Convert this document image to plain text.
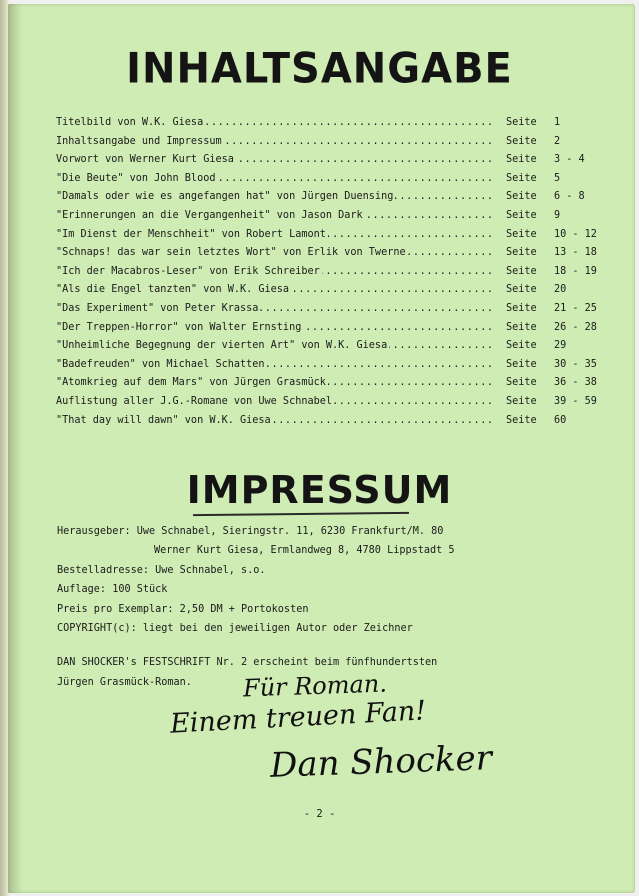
INHALTSANGABE
.....
Titelbild von W.K. Giesa	Seite 1
.....
Inhaltsangabe und Impressum	Seite 2
.....
Vorwort von Werner Kurt Giesa	Seite 3 - 4
.....
"Die Beute" von John Blood	Seite 5
.....
"Damals oder wie es angefangen hat" von Jürgen Duensing	Seite 6 - 8
.....
"Erinnerungen an die Vergangenheit" von Jason Dark	Seite 9
.....
"Im Dienst der Menschheit" von Robert Lamont	Seite 10 - 12
.....
"Schnaps! das war sein letztes Wort" von Erlik von Twerne	Seite 13 - 18
.....
"Ich der Macabros-Leser" von Erik Schreiber	Seite 18 - 19
.....
"Als die Engel tanzten" von W.K. Giesa	Seite 20
.....
"Das Experiment" von Peter Krassa	Seite 21 - 25
.....
"Der Treppen-Horror" von Walter Ernsting	Seite 26 - 28
.....
"Unheimliche Begegnung der vierten Art" von W.K. Giesa	Seite 29
.....
"Badefreuden" von Michael Schatten	Seite 30 - 35
.....
"Atomkrieg auf dem Mars" von Jürgen Grasmück	Seite 36 - 38
.....
Auflistung aller J.G.-Romane von Uwe Schnabel	Seite 39 - 59
.....
"That day will dawn" von W.K. Giesa	Seite 60
IMPRESSUM
Herausgeber: Uwe Schnabel, Sieringstr. 11, 6230 Frankfurt/M. 80
Werner Kurt Giesa, Ermlandweg 8, 4780 Lippstadt 5
Bestelladresse: Uwe Schnabel, s.o.
Auflage: 100 Stück
Preis pro Exemplar: 2,50 DM + Portokosten
COPYRIGHT(c): liegt bei den jeweiligen Autor oder Zeichner
DAN SHOCKER's FESTSCHRIFT Nr. 2 erscheint beim fünfhundertsten
Jürgen Grasmück-Roman.	Für Roman.
Einem treuen Fan!
Dan Shocker
- 2 -
